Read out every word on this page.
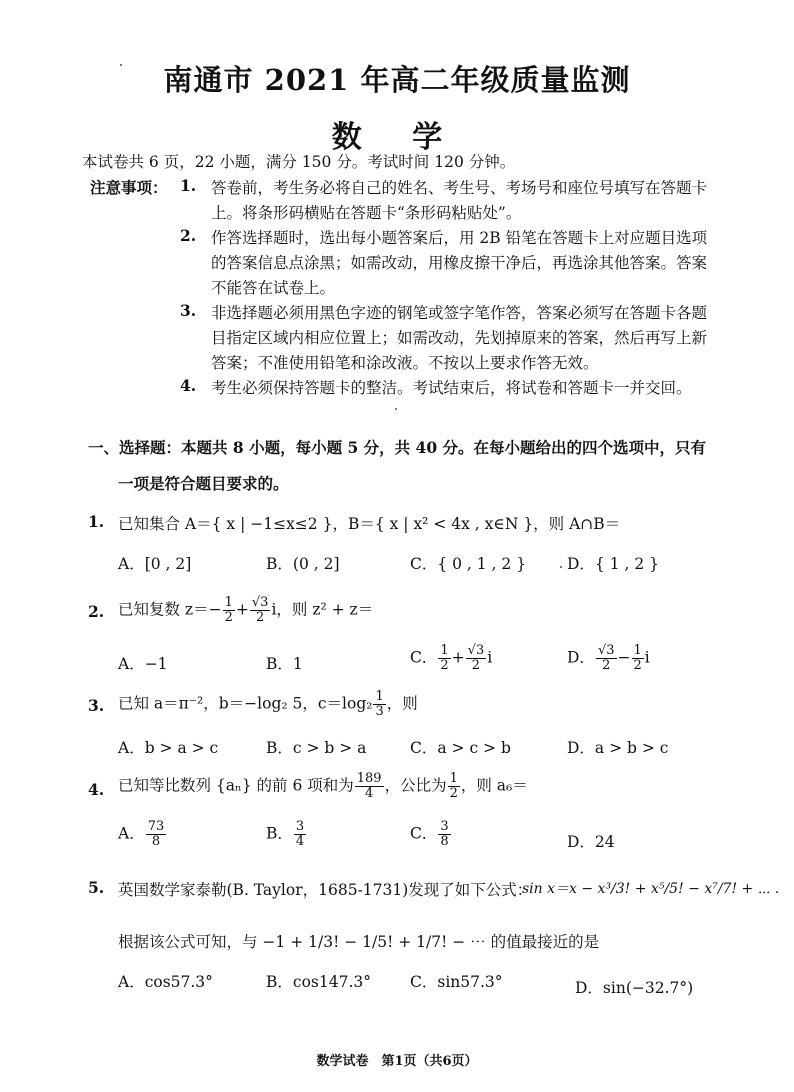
南通市 2021 年高二年级质量监测
数 学
本试卷共 6 页，22 小题，满分 150 分。考试时间 120 分钟。
注意事项： 1. 答卷前，考生务必将自己的姓名、考生号、考场号和座位号填写在答题卡
上。将条形码横贴在答题卡“条形码粘贴处”。
2. 作答选择题时，选出每小题答案后，用 2B 铅笔在答题卡上对应题目选项
的答案信息点涂黑；如需改动，用橡皮擦干净后，再选涂其他答案。答案
不能答在试卷上。
3. 非选择题必须用黑色字迹的钢笔或签字笔作答，答案必须写在答题卡各题
目指定区域内相应位置上；如需改动，先划掉原来的答案，然后再写上新
答案；不准使用铅笔和涂改液。不按以上要求作答无效。
4. 考生必须保持答题卡的整洁。考试结束后，将试卷和答题卡一并交回。
一、选择题：本题共 8 小题，每小题 5 分，共 40 分。在每小题给出的四个选项中，只有
一项是符合题目要求的。
1. 已知集合 A＝{ x | −1≤x≤2 }，B＝{ x | x² < 4x , x∈N }，则 A∩B＝
A．[0 , 2]	B．(0 , 2]	C．{ 0 , 1 , 2 }	D．{ 1 , 2 }
2. 已知复数 $z=- \frac{1}{2} + \frac{√3}{2}$ i，则 z² + z＝
A．−1	B．1	C． $\frac{1}{2} + \frac{√3}{2}$ i	D． $\frac{√3}{2} - \frac{1}{2}$ i
3. 已知 a＝π⁻²，b＝−log₂ 5，$c=\log_2 \frac{1}{3}$ ，则
A．b > a > c	B．c > b > a	C．a > c > b	D．a > b > c
4. 已知等比数列 {aₙ} 的前 6 项和为 $\frac{189}{4}$ ，公比为 $\frac{1}{2}$ ，则 a₆＝
A． $\frac{73}{8}$	B． $\frac{3}{4}$	C． $\frac{3}{8}$	D．24
5. 英国数学家泰勒(B. Taylor，1685-1731)发现了如下公式：
sin x＝x − x³/3! + x⁵/5! − x⁷/7! + ⋯ .
根据该公式可知，与 −1 + 1/3! − 1/5! + 1/7! − ⋯ 的值最接近的是
A．cos57.3°	B．cos147.3°	C．sin57.3°	D．sin(−32.7°)
数学试卷　第1页（共6页）
